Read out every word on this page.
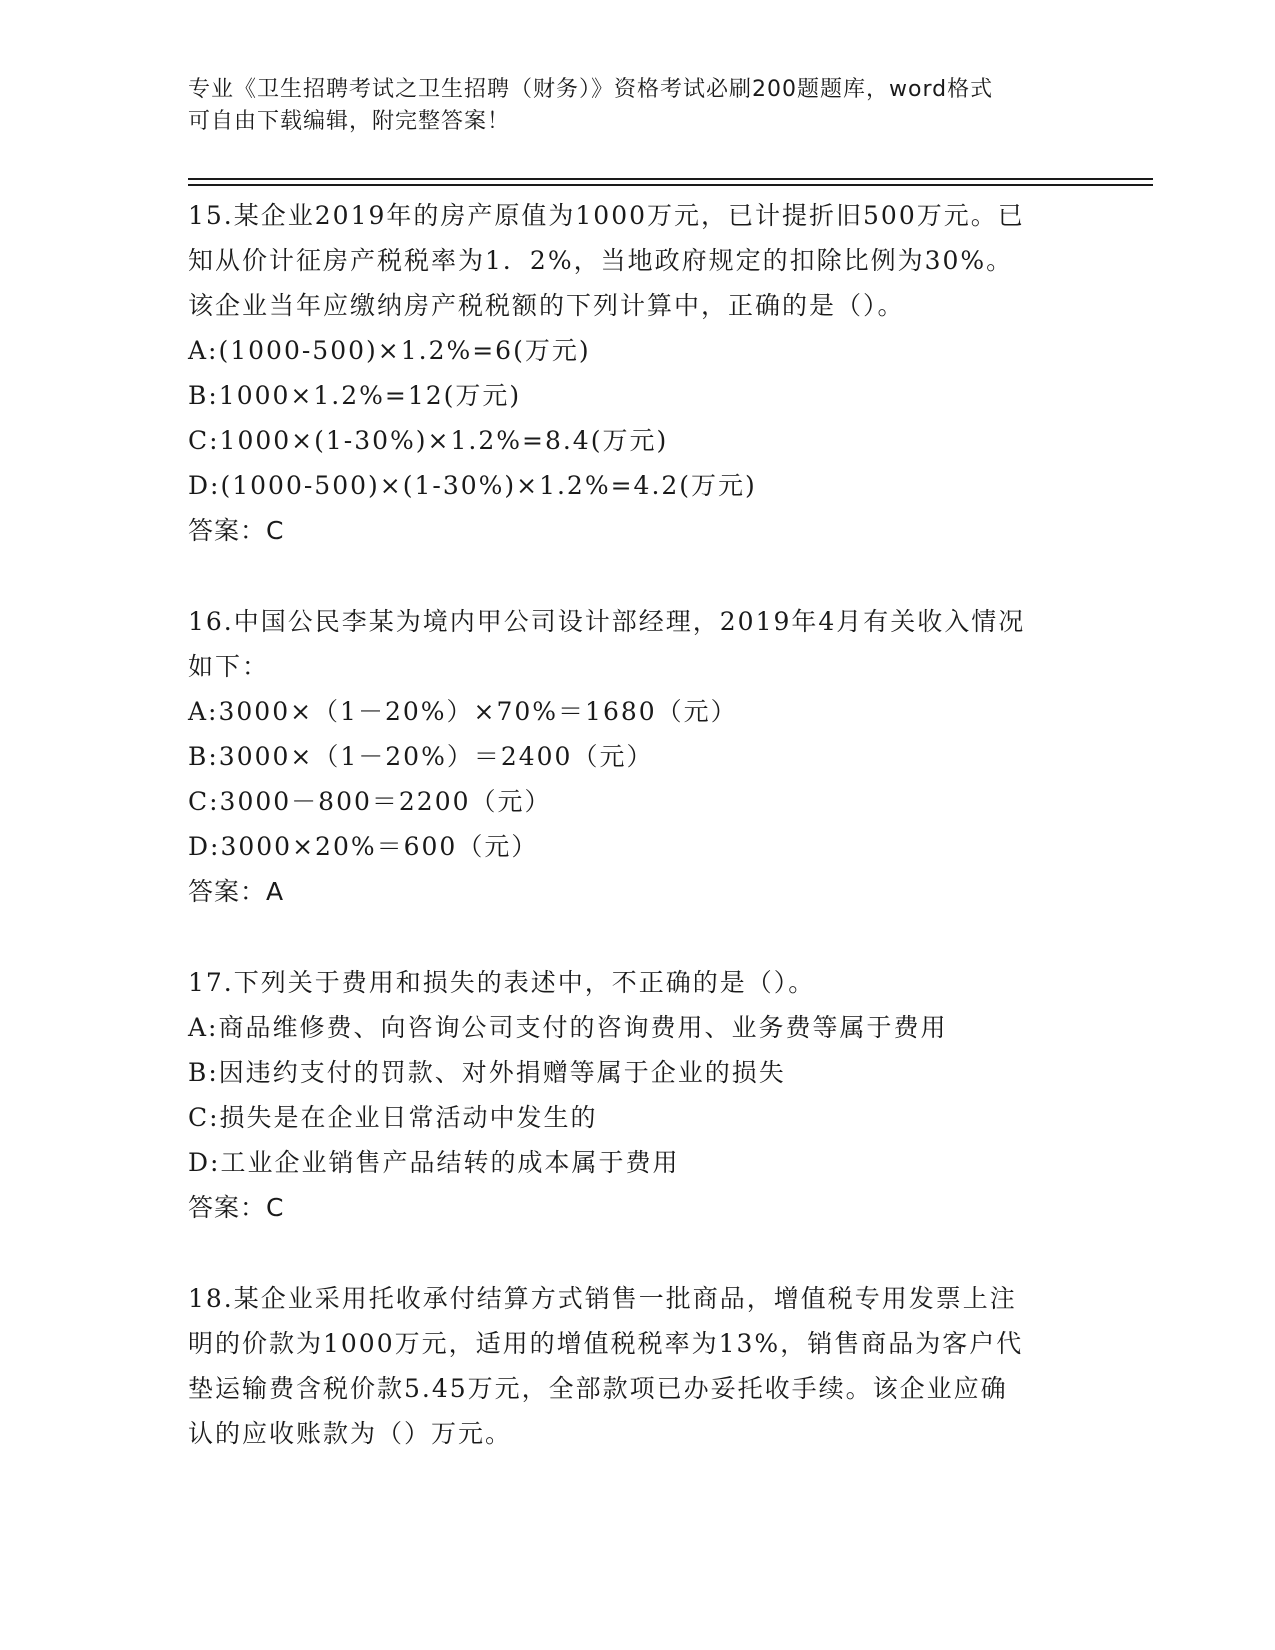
专业《卫生招聘考试之卫生招聘（财务）》资格考试必刷200题题库，word格式

可自由下载编辑，附完整答案！

15.某企业2019年的房产原值为1000万元，已计提折旧500万元。已
知从价计征房产税税率为1．2%，当地政府规定的扣除比例为30%。
该企业当年应缴纳房产税税额的下列计算中，正确的是（）。
A:(1000-500)×1.2%=6(万元)
B:1000×1.2%=12(万元)
C:1000×(1-30%)×1.2%=8.4(万元)
D:(1000-500)×(1-30%)×1.2%=4.2(万元)
答案：C
16.中国公民李某为境内甲公司设计部经理，2019年4月有关收入情况
如下：
A:3000×（1－20%）×70%＝1680（元）
B:3000×（1－20%）＝2400（元）
C:3000－800＝2200（元）
D:3000×20%＝600（元）
答案：A
17.下列关于费用和损失的表述中，不正确的是（）。
A:商品维修费、向咨询公司支付的咨询费用、业务费等属于费用
B:因违约支付的罚款、对外捐赠等属于企业的损失
C:损失是在企业日常活动中发生的
D:工业企业销售产品结转的成本属于费用
答案：C
18.某企业采用托收承付结算方式销售一批商品，增值税专用发票上注
明的价款为1000万元，适用的增值税税率为13%，销售商品为客户代
垫运输费含税价款5.45万元，全部款项已办妥托收手续。该企业应确
认的应收账款为（）万元。
